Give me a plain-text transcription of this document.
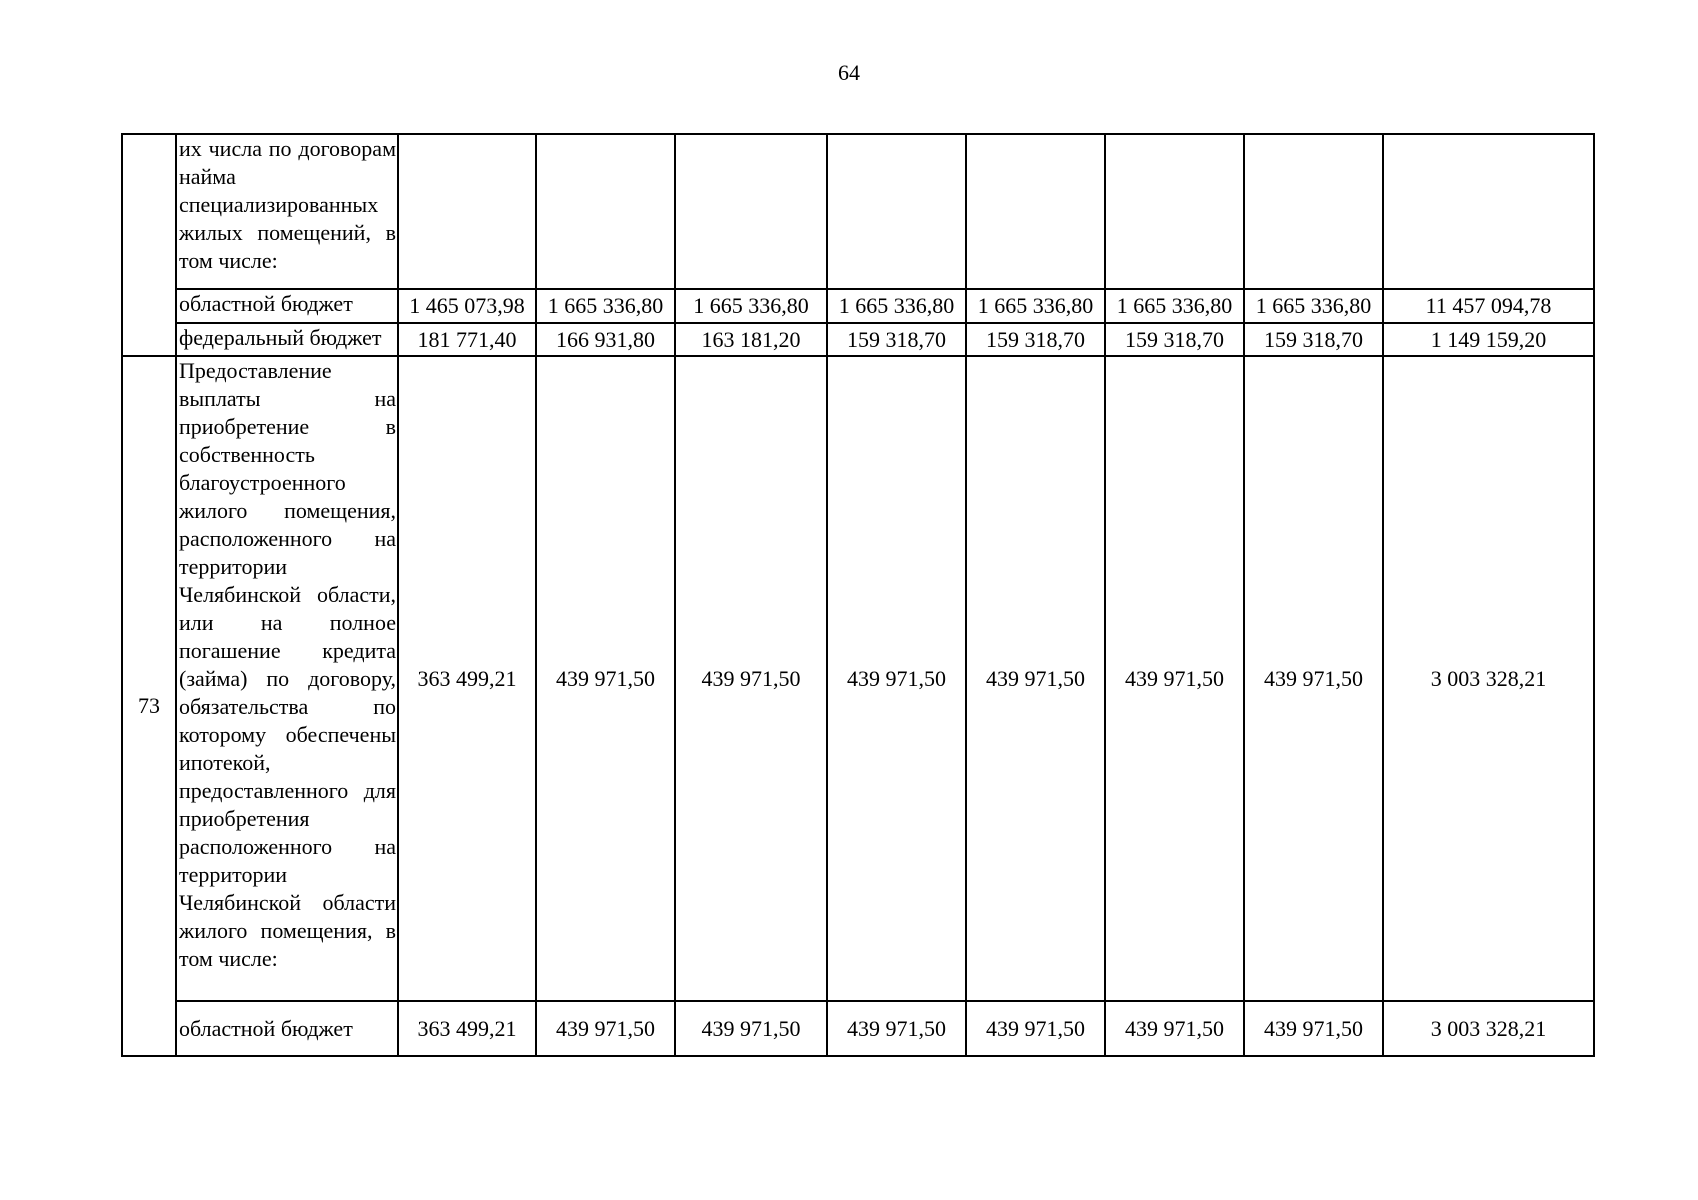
64
	их числа по договорам найма специализированных жилых помещений, в том числе:								
	областной бюджет	1 465 073,98	1 665 336,80	1 665 336,80	1 665 336,80	1 665 336,80	1 665 336,80	1 665 336,80	11 457 094,78
	федеральный бюджет	181 771,40	166 931,80	163 181,20	159 318,70	159 318,70	159 318,70	159 318,70	1 149 159,20
73	Предоставление выплаты на приобретение в собственность благоустроенного жилого помещения, расположенного на территории Челябинской области, или на полное погашение кредита (займа) по договору, обязательства по которому обеспечены ипотекой, предоставленного для приобретения расположенного на территории Челябинской области жилого помещения, в том числе:	363 499,21	439 971,50	439 971,50	439 971,50	439 971,50	439 971,50	439 971,50	3 003 328,21
	областной бюджет	363 499,21	439 971,50	439 971,50	439 971,50	439 971,50	439 971,50	439 971,50	3 003 328,21
